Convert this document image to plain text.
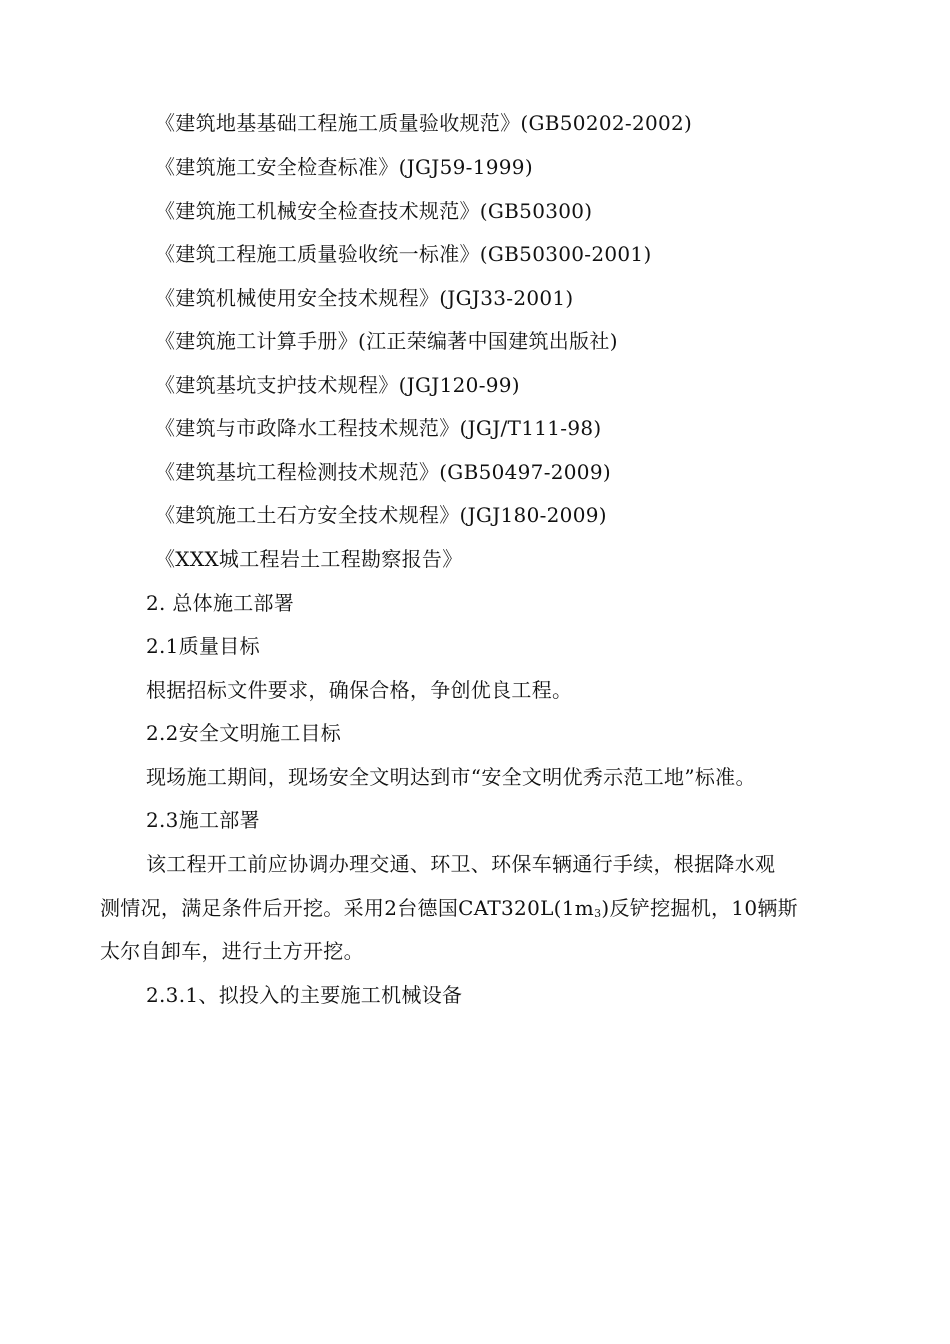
《建筑地基基础工程施工质量验收规范》(GB50202-2002)
《建筑施工安全检查标准》(JGJ59-1999)
《建筑施工机械安全检查技术规范》(GB50300)
《建筑工程施工质量验收统一标准》(GB50300-2001)
《建筑机械使用安全技术规程》(JGJ33-2001)
《建筑施工计算手册》(江正荣编著中国建筑出版社)
《建筑基坑支护技术规程》(JGJ120-99)
《建筑与市政降水工程技术规范》(JGJ/T111-98)
《建筑基坑工程检测技术规范》(GB50497-2009)
《建筑施工土石方安全技术规程》(JGJ180-2009)
《XXX城工程岩土工程勘察报告》
2. 总体施工部署
2.1质量目标
根据招标文件要求，确保合格，争创优良工程。
2.2安全文明施工目标
现场施工期间，现场安全文明达到市“安全文明优秀示范工地”标准。
2.3施工部署
该工程开工前应协调办理交通、环卫、环保车辆通行手续，根据降水观
测情况，满足条件后开挖。采用2台德国$CAT320L(1m_3)$反铲挖掘机，10辆斯
太尔自卸车，进行土方开挖。
2.3.1、拟投入的主要施工机械设备
